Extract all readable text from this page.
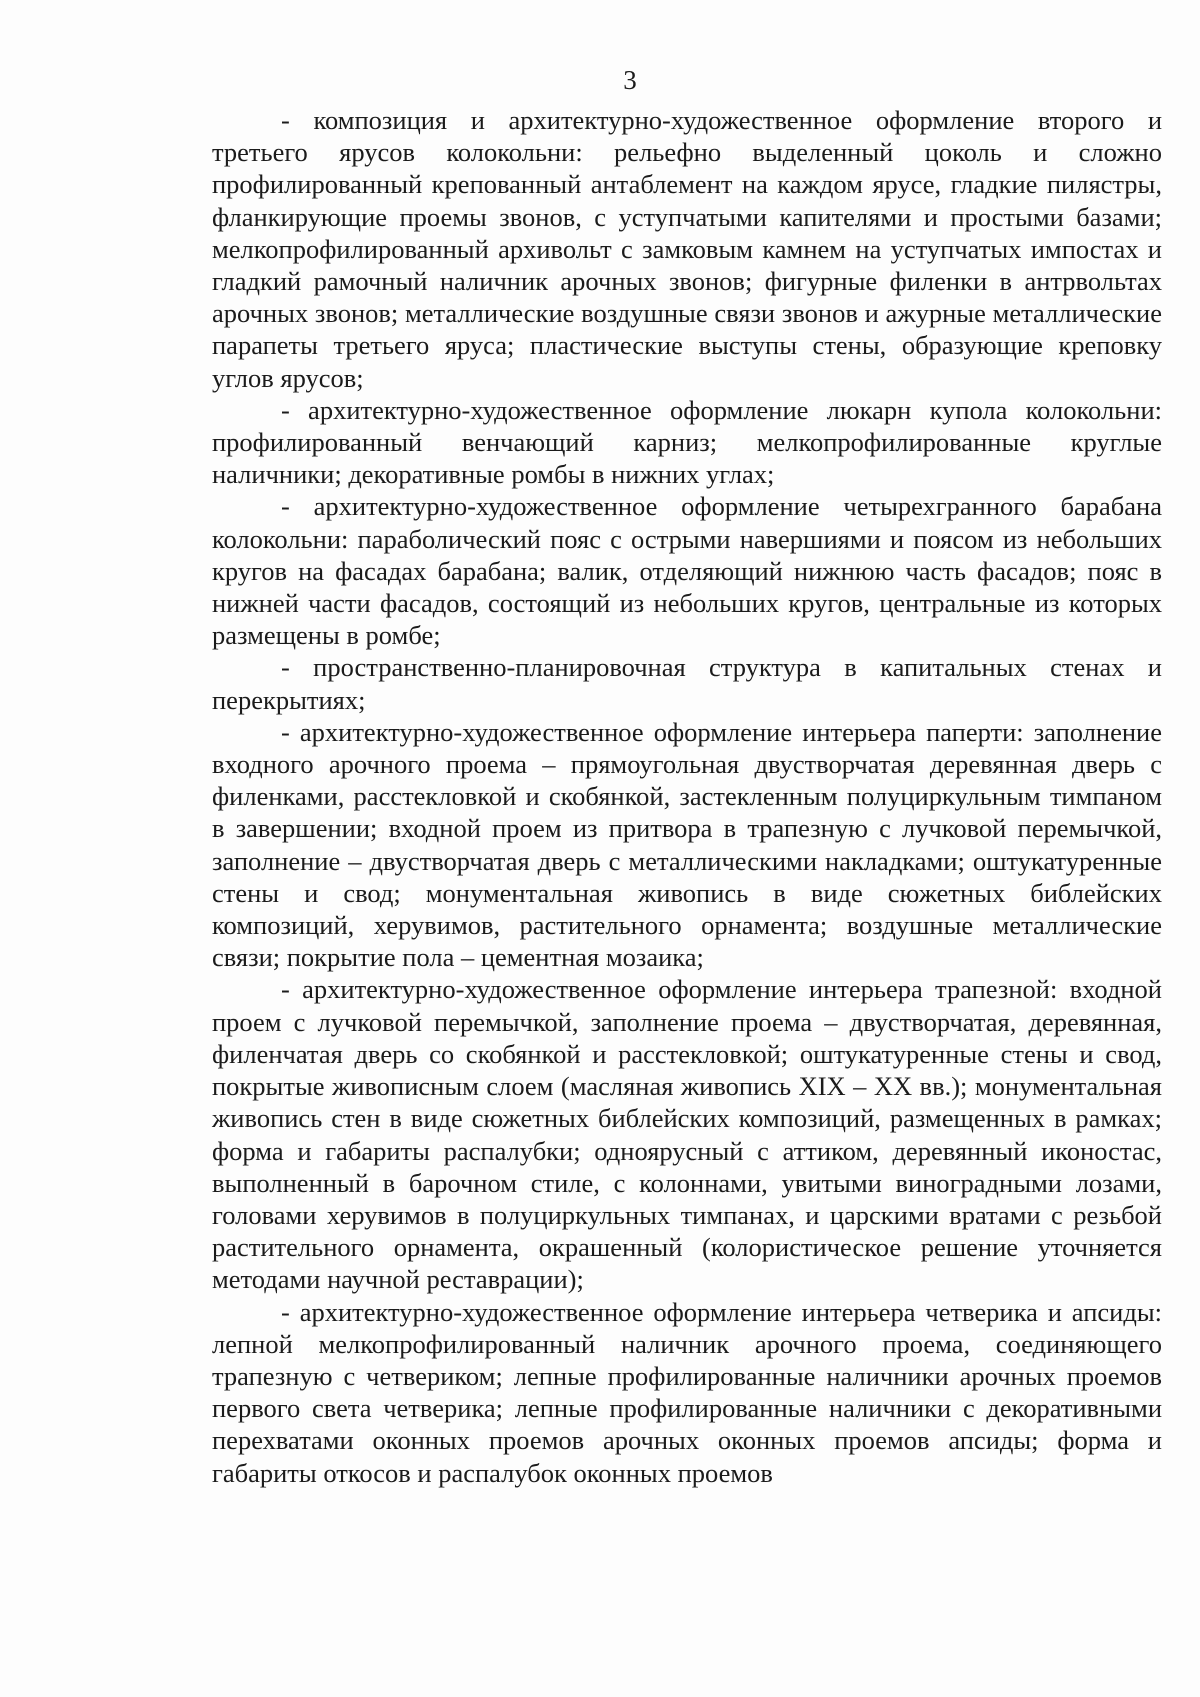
3

- композиция и архитектурно-художественное оформление второго и третьего ярусов колокольни: рельефно выделенный цоколь и сложно профилированный крепованный антаблемент на каждом ярусе, гладкие пилястры, фланкирующие проемы звонов, с уступчатыми капителями и простыми базами; мелкопрофилированный архивольт с замковым камнем на уступчатых импостах и гладкий рамочный наличник арочных звонов; фигурные филенки в антрвольтах арочных звонов; металлические воздушные связи звонов и ажурные металлические парапеты третьего яруса; пластические выступы стены, образующие креповку углов ярусов;

- архитектурно-художественное оформление люкарн купола колокольни: профилированный венчающий карниз; мелкопрофилированные круглые наличники; декоративные ромбы в нижних углах;

- архитектурно-художественное оформление четырехгранного барабана колокольни: параболический пояс с острыми навершиями и поясом из небольших кругов на фасадах барабана; валик, отделяющий нижнюю часть фасадов; пояс в нижней части фасадов, состоящий из небольших кругов, центральные из которых размещены в ромбе;

- пространственно-планировочная структура в капитальных стенах и перекрытиях;

- архитектурно-художественное оформление интерьера паперти: заполнение входного арочного проема – прямоугольная двустворчатая деревянная дверь с филенками, расстекловкой и скобянкой, застекленным полуциркульным тимпаном в завершении; входной проем из притвора в трапезную с лучковой перемычкой, заполнение – двустворчатая дверь с металлическими накладками; оштукатуренные стены и свод; монументальная живопись в виде сюжетных библейских композиций, херувимов, растительного орнамента; воздушные металлические связи; покрытие пола – цементная мозаика;

- архитектурно-художественное оформление интерьера трапезной: входной проем с лучковой перемычкой, заполнение проема – двустворчатая, деревянная, филенчатая дверь со скобянкой и расстекловкой; оштукатуренные стены и свод, покрытые живописным слоем (масляная живопись XIX – XX вв.); монументальная живопись стен в виде сюжетных библейских композиций, размещенных в рамках; форма и габариты распалубки; одноярусный с аттиком, деревянный иконостас, выполненный в барочном стиле, с колоннами, увитыми виноградными лозами, головами херувимов в полуциркульных тимпанах, и царскими вратами с резьбой растительного орнамента, окрашенный (колористическое решение уточняется методами научной реставрации);

- архитектурно-художественное оформление интерьера четверика и апсиды: лепной мелкопрофилированный наличник арочного проема, соединяющего трапезную с четвериком; лепные профилированные наличники арочных проемов первого света четверика; лепные профилированные наличники с декоративными перехватами оконных проемов арочных оконных проемов апсиды; форма и габариты откосов и распалубок оконных проемов
